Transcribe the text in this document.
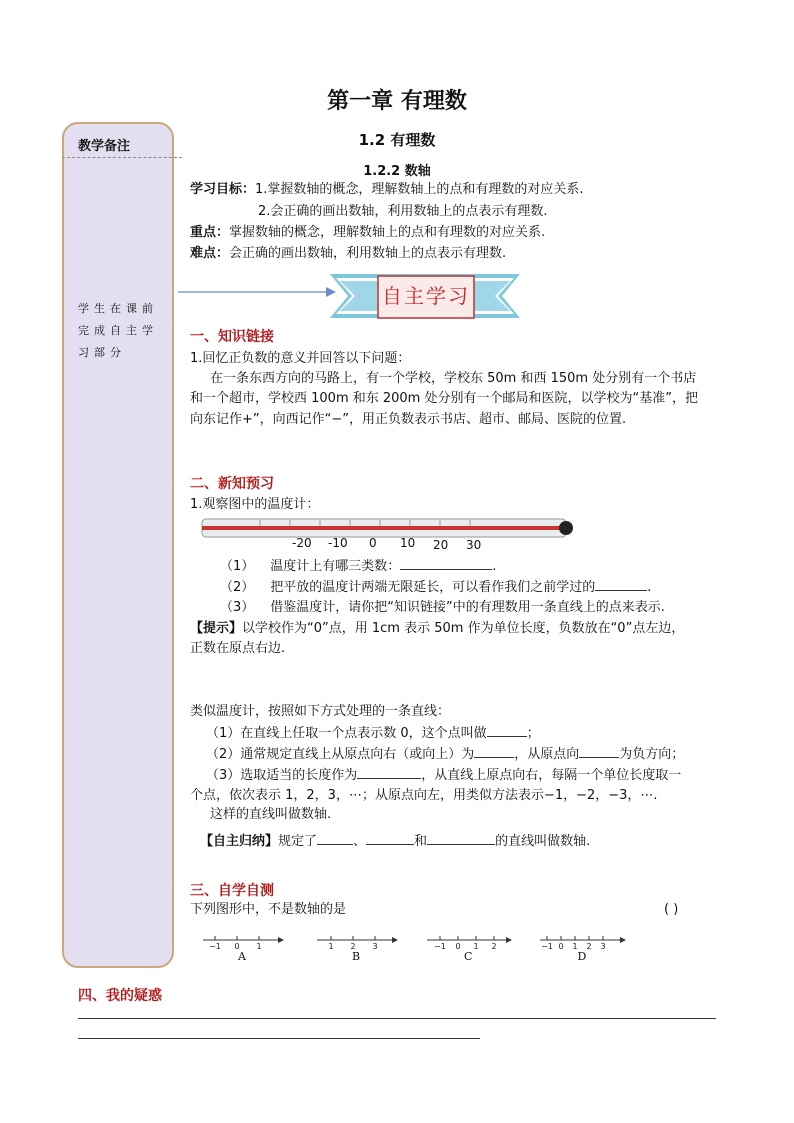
第一章 有理数
1.2 有理数
1.2.2 数轴
教学备注
学生在课前完成自主学习部分
学习目标：1.掌握数轴的概念，理解数轴上的点和有理数的对应关系.
2.会正确的画出数轴，利用数轴上的点表示有理数.
重点：掌握数轴的概念，理解数轴上的点和有理数的对应关系.
难点：会正确的画出数轴，利用数轴上的点表示有理数.
自主学习
一、知识链接
1.回忆正负数的意义并回答以下问题：
在一条东西方向的马路上，有一个学校，学校东 50m 和西 150m 处分别有一个书店
和一个超市，学校西 100m 和东 200m 处分别有一个邮局和医院，以学校为“基准”，把
向东记作+”，向西记作“−”，用正负数表示书店、超市、邮局、医院的位置.
二、新知预习
1.观察图中的温度计：
-20 -10 0 10 20 30
（1） 温度计上有哪三类数：	.
（2） 把平放的温度计两端无限延长，可以看作我们之前学过的	.
（3） 借鉴温度计，请你把“知识链接”中的有理数用一条直线上的点来表示.
【提示】以学校作为“0”点，用 1cm 表示 50m 作为单位长度，负数放在“0”点左边，
正数在原点右边.
类似温度计，按照如下方式处理的一条直线：
（1）在直线上任取一个点表示数 0，这个点叫做	；
（2）通常规定直线上从原点向右（或向上）为	，从原点向	为负方向；
（3）选取适当的长度作为	，从直线上原点向右，每隔一个单位长度取一
个点，依次表示 1，2，3，⋯；从原点向左，用类似方法表示−1，−2，−3，⋯.
这样的直线叫做数轴.
【自主归纳】规定了	、	和	的直线叫做数轴.
三、自学自测
下列图形中，不是数轴的是	( )
−1 0 1	1 2 3	−1 0 1 2	−1 0 1 2 3
A	B	C	D
四、我的疑惑
